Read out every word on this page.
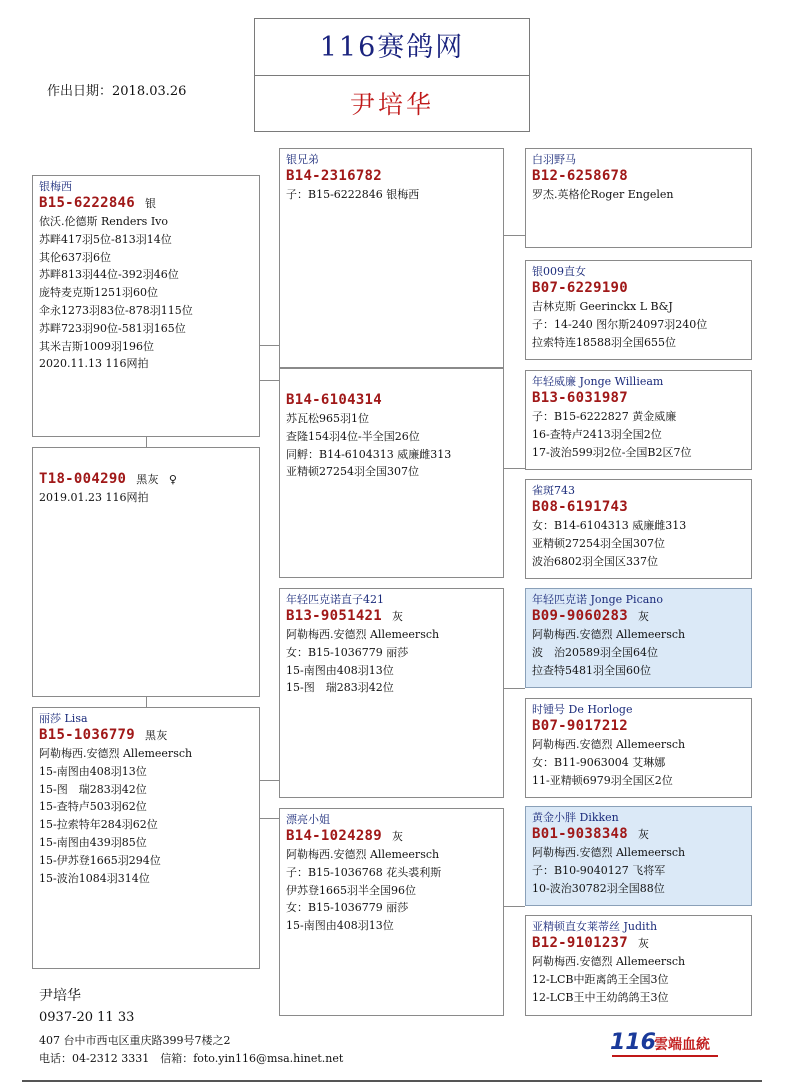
116赛鸽网
尹培华
作出日期：2018.03.26
银梅西
B15-6222846 银
依沃.伦德斯 Renders Ivo
苏畔417羽5位-813羽14位
其伦637羽6位
苏畔813羽44位-392羽46位
庞特麦克斯1251羽60位
伞永1273羽83位-878羽115位
苏畔723羽90位-581羽165位
其米吉斯1009羽196位
2020.11.13 116网拍
T18-004290 黑灰 ♀
2019.01.23 116网拍
丽莎 Lisa
B15-1036779 黑灰
阿勒梅西.安德烈 Allemeersch
15-南图由408羽13位
15-图　瑞283羽42位
15-查特卢503羽62位
15-拉索特年284羽62位
15-南图由439羽85位
15-伊苏登1665羽294位
15-波治1084羽314位
银兄弟
B14-2316782
子：B15-6222846 银梅西
B14-6104314
苏瓦松965羽1位
查隆154羽4位-半全国26位
同孵：B14-6104313 威廉雌313
亚精顿27254羽全国307位
年轻匹克诺直子421
B13-9051421 灰
阿勒梅西.安德烈 Allemeersch
女：B15-1036779 丽莎
15-南图由408羽13位
15-图　瑞283羽42位
漂亮小姐
B14-1024289 灰
阿勒梅西.安德烈 Allemeersch
子：B15-1036768 花头裘利斯
伊苏登1665羽半全国96位
女：B15-1036779 丽莎
15-南图由408羽13位
白羽野马
B12-6258678
罗杰.英格伦Roger Engelen
银009直女
B07-6229190
吉林克斯 Geerinckx L B&J
子：14-240 图尔斯24097羽240位
拉索特连18588羽全国655位
年轻威廉 Jonge Willieam
B13-6031987
子：B15-6222827 黄金威廉
16-查特卢2413羽全国2位
17-波治599羽2位-全国B2区7位
雀斑743
B08-6191743
女：B14-6104313 威廉雌313
亚精顿27254羽全国307位
波治6802羽全国区337位
年轻匹克诺 Jonge Picano
B09-9060283 灰
阿勒梅西.安德烈 Allemeersch
波　治20589羽全国64位
拉查特5481羽全国60位
时锺号 De Horloge
B07-9017212
阿勒梅西.安德烈 Allemeersch
女：B11-9063004 艾琳娜
11-亚精顿6979羽全国区2位
黄金小胖 Dikken
B01-9038348 灰
阿勒梅西.安德烈 Allemeersch
子：B10-9040127 飞将军
10-波治30782羽全国88位
亚精顿直女莱蒂丝 Judith
B12-9101237 灰
阿勒梅西.安德烈 Allemeersch
12-LCB中距离鸽王全国3位
12-LCB王中王幼鸽鸽王3位
尹培华
0937-20 11 33
407 台中市西屯区重庆路399号7楼之2
电话：04-2312 3331　信箱：foto.yin116@msa.hinet.net
116
雲端血統
